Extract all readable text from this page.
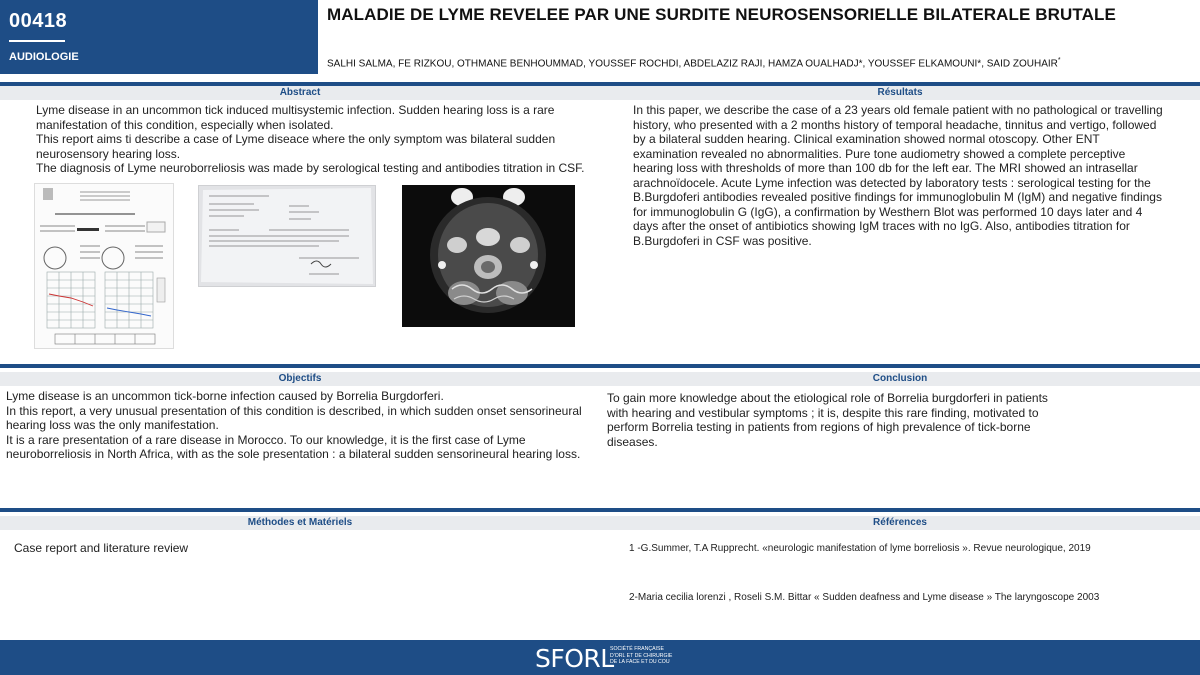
00418
AUDIOLOGIE
MALADIE DE LYME REVELEE PAR UNE SURDITE NEUROSENSORIELLE BILATERALE BRUTALE
SALHI SALMA, FE RIZKOU, OTHMANE BENHOUMMAD, YOUSSEF ROCHDI, ABDELAZIZ RAJI, HAMZA OUALHADJ*, YOUSSEF ELKAMOUNI*, SAID ZOUHAIR*
Abstract	Résultats

Lyme disease in an uncommon tick induced multisystemic infection. Sudden hearing loss is a rare manifestation of this condition, especially when isolated.

This report aims ti describe a case of Lyme diseace where the only symptom was bilateral sudden neurosensory hearing loss.

The diagnosis of Lyme neuroborreliosis was made by serological testing and antibodies titration in CSF.

In this paper, we describe the case of a 23 years old female patient with no pathological or travelling history, who presented with a 2 months history of temporal headache, tinnitus and vertigo, followed by a bilateral sudden hearing. Clinical examination showed normal otoscopy. Other ENT examination revealed no abnormalities. Pure tone audiometry showed a complete perceptive hearing loss with thresholds of more than 100 db for the left ear. The MRI showed an intrasellar arachnoïdocele. Acute Lyme infection was detected by laboratory tests : serological testing for the B.Burgdoferi antibodies revealed positive findings for immunoglobulin M (IgM) and negative findings for immunoglobulin G (IgG), a confirmation by Westhern Blot was performed 10 days later and 4 days after the onset of antibiotics showing IgM traces with no IgG. Also, antibodies titration for B.Burgdoferi in CSF was positive.
Objectifs	Conclusion

Lyme disease is an uncommon tick-borne infection caused by Borrelia Burgdorferi.

In this report, a very unusual presentation of this condition is described, in which sudden onset sensorineural hearing loss was the only manifestation.

It is a rare presentation of a rare disease in Morocco. To our knowledge, it is the first case of Lyme neuroborreliosis in North Africa, with as the sole presentation : a bilateral sudden sensorineural hearing loss.

To gain more knowledge about the etiological role of Borrelia burgdorferi in patients with hearing and vestibular symptoms ; it is, despite this rare finding, motivated to perform Borrelia testing in patients from regions of high prevalence of tick-borne diseases.
Méthodes et Matériels	Références
Case report and literature review	1 -G.Summer, T.A Rupprecht. «neurologic manifestation of lyme borreliosis ». Revue neurologique, 2019
2-Maria cecilia lorenzi , Roseli S.M. Bittar « Sudden deafness and Lyme disease » The laryngoscope 2003
SFORL
SOCIÉTÉ FRANÇAISE D'ORL ET DE CHIRURGIE DE LA FACE ET DU COU
